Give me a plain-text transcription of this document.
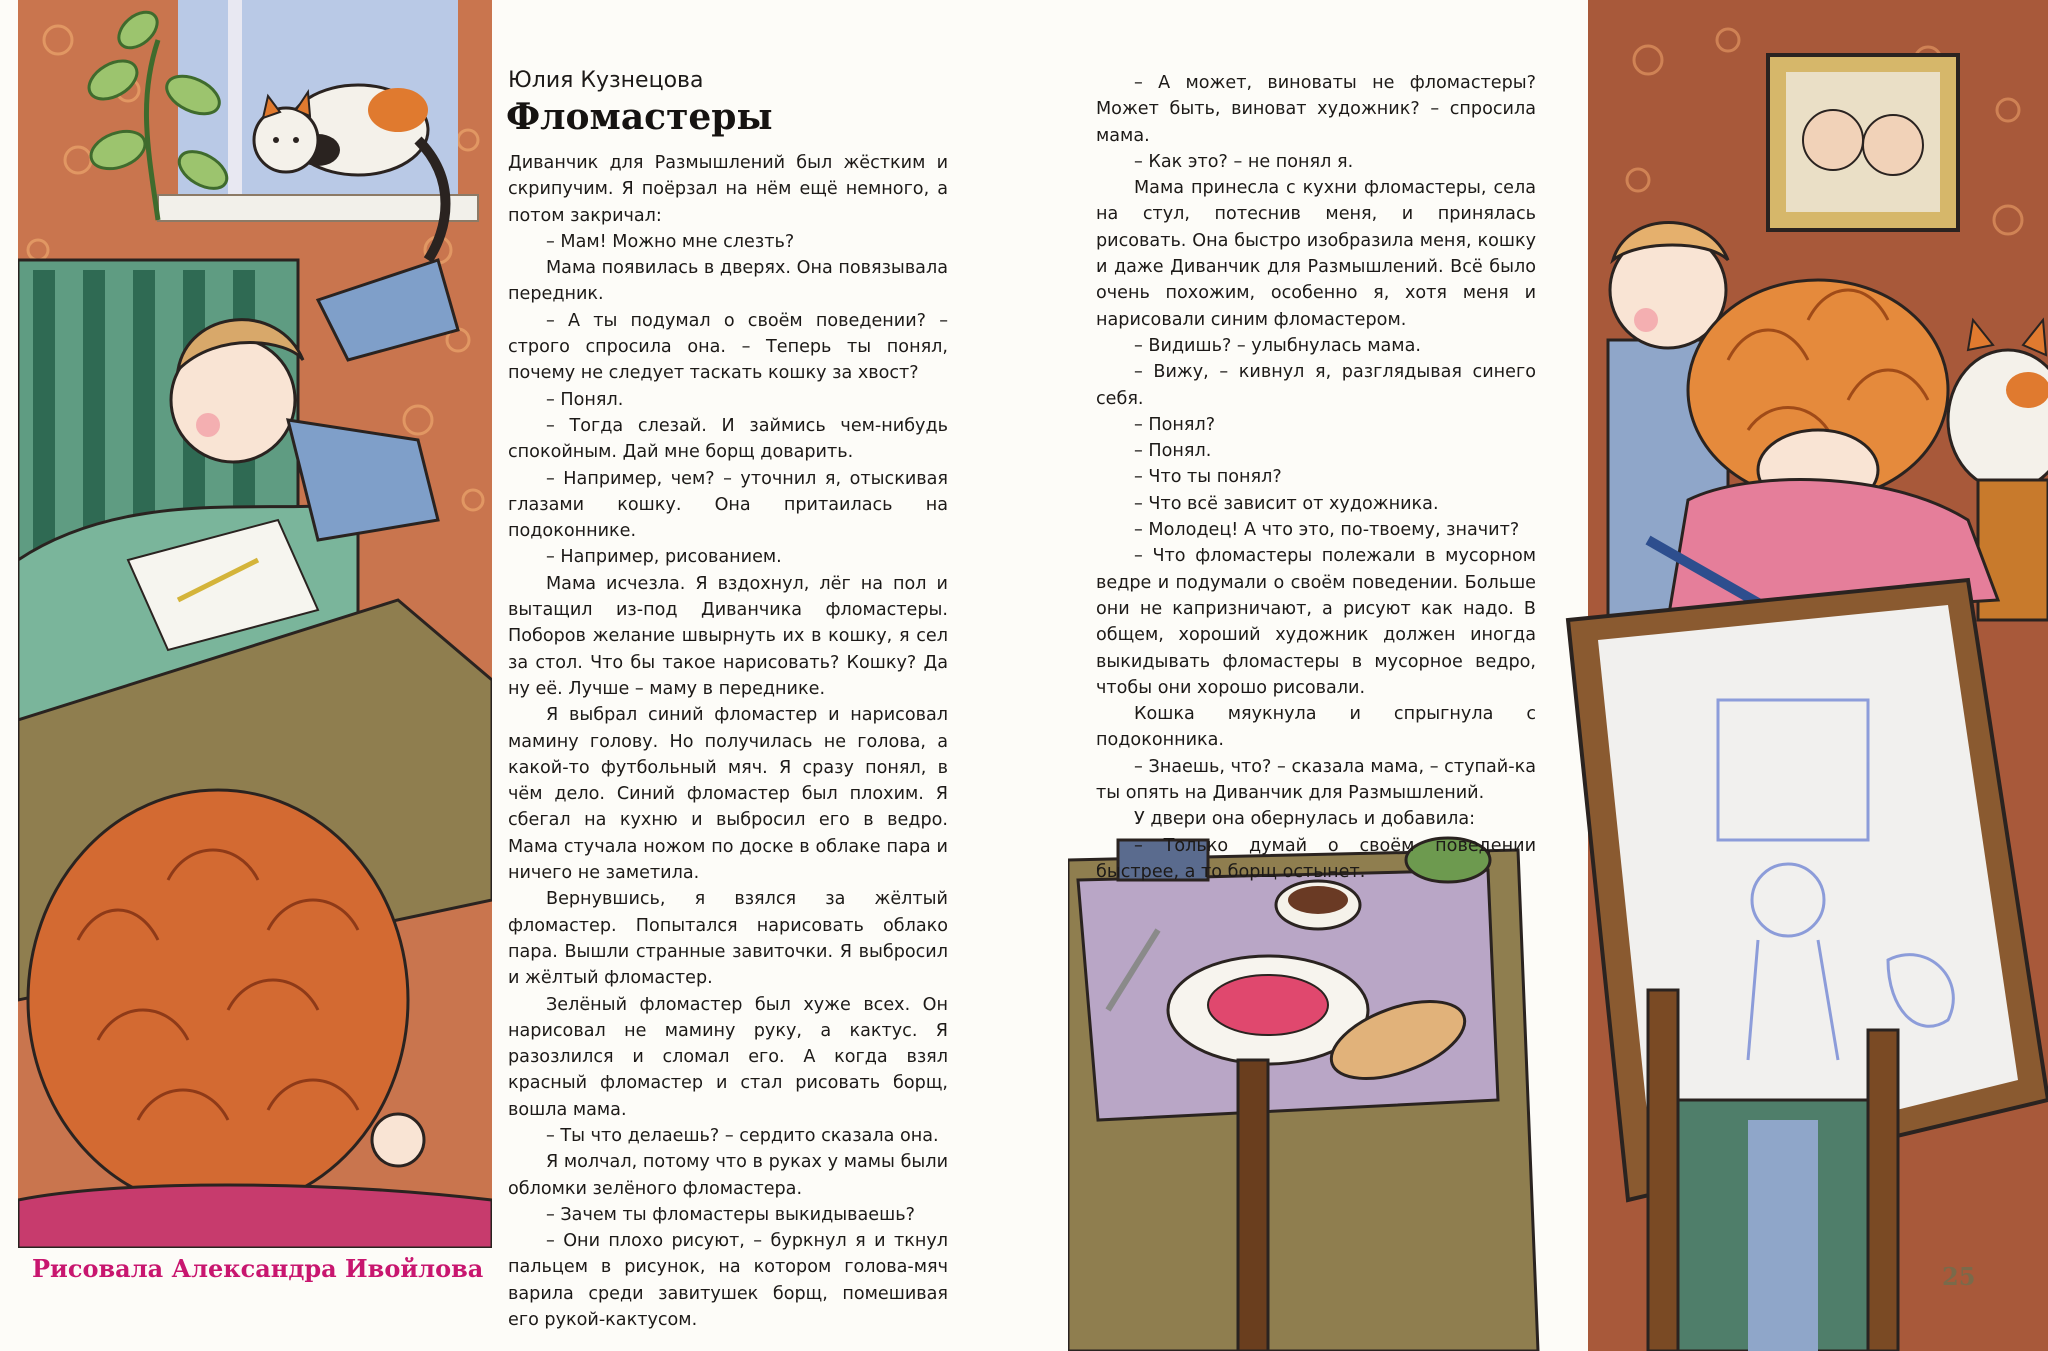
Юлия Кузнецова
Фломастеры

Диванчик для Размышлений был жёстким и скрипучим. Я поёрзал на нём ещё немного, а потом закричал:

– Мам! Можно мне слезть?

Мама появилась в дверях. Она повязывала передник.

– А ты подумал о своём поведении? – строго спросила она. – Теперь ты понял, почему не следует таскать кошку за хвост?

– Понял.

– Тогда слезай. И займись чем-нибудь спокойным. Дай мне борщ доварить.

– Например, чем? – уточнил я, отыскивая глазами кошку. Она притаилась на подоконнике.

– Например, рисованием.

Мама исчезла. Я вздохнул, лёг на пол и вытащил из-под Диванчика фломастеры. Поборов желание швырнуть их в кошку, я сел за стол. Что бы такое нарисовать? Кошку? Да ну её. Лучше – маму в переднике.

Я выбрал синий фломастер и нарисовал мамину голову. Но получилась не голова, а какой-то футбольный мяч. Я сразу понял, в чём дело. Синий фломастер был плохим. Я сбегал на кухню и выбросил его в ведро. Мама стучала ножом по доске в облаке пара и ничего не заметила.

Вернувшись, я взялся за жёлтый фломастер. Попытался нарисовать облако пара. Вышли странные завиточки. Я выбросил и жёлтый фломастер.

Зелёный фломастер был хуже всех. Он нарисовал не мамину руку, а кактус. Я разозлился и сломал его. А когда взял красный фломастер и стал рисовать борщ, вошла мама.

– Ты что делаешь? – сердито сказала она.

Я молчал, потому что в руках у мамы были обломки зелёного фломастера.

– Зачем ты фломастеры выкидываешь?

– Они плохо рисуют, – буркнул я и ткнул пальцем в рисунок, на котором голова-мяч варила среди завитушек борщ, помешивая его рукой-кактусом.

– А может, виноваты не фломастеры? Может быть, виноват художник? – спросила мама.

– Как это? – не понял я.

Мама принесла с кухни фломастеры, села на стул, потеснив меня, и принялась рисовать. Она быстро изобразила меня, кошку и даже Диванчик для Размышлений. Всё было очень похожим, особенно я, хотя меня и нарисовали синим фломастером.

– Видишь? – улыбнулась мама.

– Вижу, – кивнул я, разглядывая синего себя.

– Понял?

– Понял.

– Что ты понял?

– Что всё зависит от художника.

– Молодец! А что это, по-твоему, значит?

– Что фломастеры полежали в мусорном ведре и подумали о своём поведении. Больше они не капризничают, а рисуют как надо. В общем, хороший художник должен иногда выкидывать фломастеры в мусорное ведро, чтобы они хорошо рисовали.

Кошка мяукнула и спрыгнула с подоконника.

– Знаешь, что? – сказала мама, – ступай-ка ты опять на Диванчик для Размышлений.

У двери она обернулась и добавила:

– Только думай о своём поведении быстрее, а то борщ остынет.

Рисовала Александра Ивойлова	25
